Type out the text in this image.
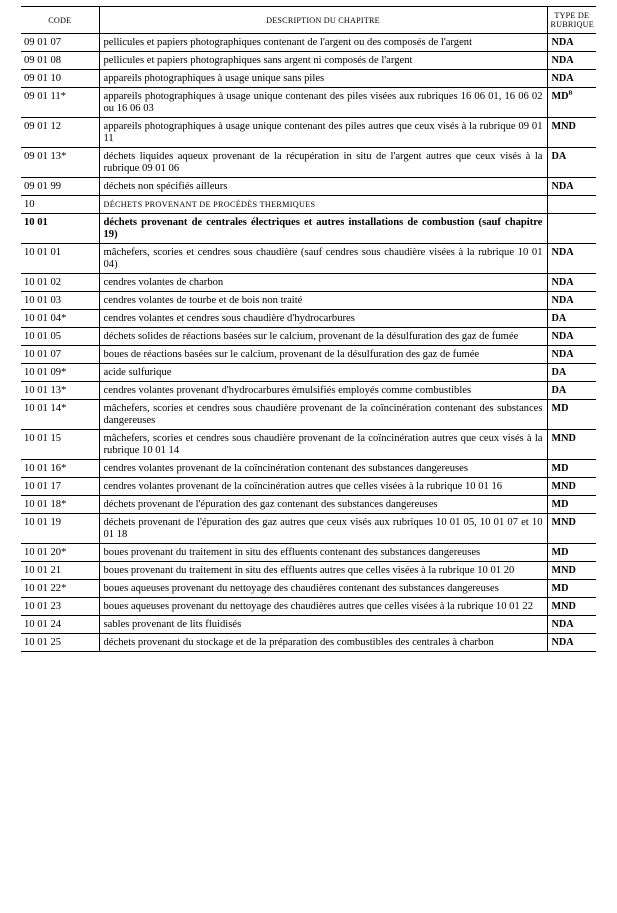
CODE	DESCRIPTION DU CHAPITRE	TYPE DE
RUBRIQUE
09 01 07	pellicules et papiers photographiques contenant de l'argent ou des composés de l'argent	NDA
09 01 08	pellicules et papiers photographiques sans argent ni composés de l'argent	NDA
09 01 10	appareils photographiques à usage unique sans piles	NDA
09 01 11*	appareils photographiques à usage unique contenant des piles visées aux rubriques 16 06 01, 16 06 02 ou 16 06 03	$MD^B$
09 01 12	appareils photographiques à usage unique contenant des piles autres que ceux visés à la rubrique 09 01 11	MND
09 01 13*	déchets liquides aqueux provenant de la récupération in situ de l'argent autres que ceux visés à la rubrique 09 01 06	DA
09 01 99	déchets non spécifiés ailleurs	NDA
10	DÉCHETS PROVENANT DE PROCÉDÉS THERMIQUES	
10 01	déchets provenant de centrales électriques et autres installations de combustion (sauf chapitre 19)	
10 01 01	mâchefers, scories et cendres sous chaudière (sauf cendres sous chaudière visées à la rubrique 10 01 04)	NDA
10 01 02	cendres volantes de charbon	NDA
10 01 03	cendres volantes de tourbe et de bois non traité	NDA
10 01 04*	cendres volantes et cendres sous chaudière d'hydrocarbures	DA
10 01 05	déchets solides de réactions basées sur le calcium, provenant de la désulfuration des gaz de fumée	NDA
10 01 07	boues de réactions basées sur le calcium, provenant de la désulfuration des gaz de fumée	NDA
10 01 09*	acide sulfurique	DA
10 01 13*	cendres volantes provenant d'hydrocarbures émulsifiés employés comme combustibles	DA
10 01 14*	mâchefers, scories et cendres sous chaudière provenant de la coïncinération contenant des substances dangereuses	MD
10 01 15	mâchefers, scories et cendres sous chaudière provenant de la coïncinération autres que ceux visés à la rubrique 10 01 14	MND
10 01 16*	cendres volantes provenant de la coïncinération contenant des substances dangereuses	MD
10 01 17	cendres volantes provenant de la coïncinération autres que celles visées à la rubrique 10 01 16	MND
10 01 18*	déchets provenant de l'épuration des gaz contenant des substances dangereuses	MD
10 01 19	déchets provenant de l'épuration des gaz autres que ceux visés aux rubriques 10 01 05, 10 01 07 et 10 01 18	MND
10 01 20*	boues provenant du traitement in situ des effluents contenant des substances dangereuses	MD
10 01 21	boues provenant du traitement in situ des effluents autres que celles visées à la rubrique 10 01 20	MND
10 01 22*	boues aqueuses provenant du nettoyage des chaudières contenant des substances dangereuses	MD
10 01 23	boues aqueuses provenant du nettoyage des chaudières autres que celles visées à la rubrique 10 01 22	MND
10 01 24	sables provenant de lits fluidisés	NDA
10 01 25	déchets provenant du stockage et de la préparation des combustibles des centrales à charbon	NDA
